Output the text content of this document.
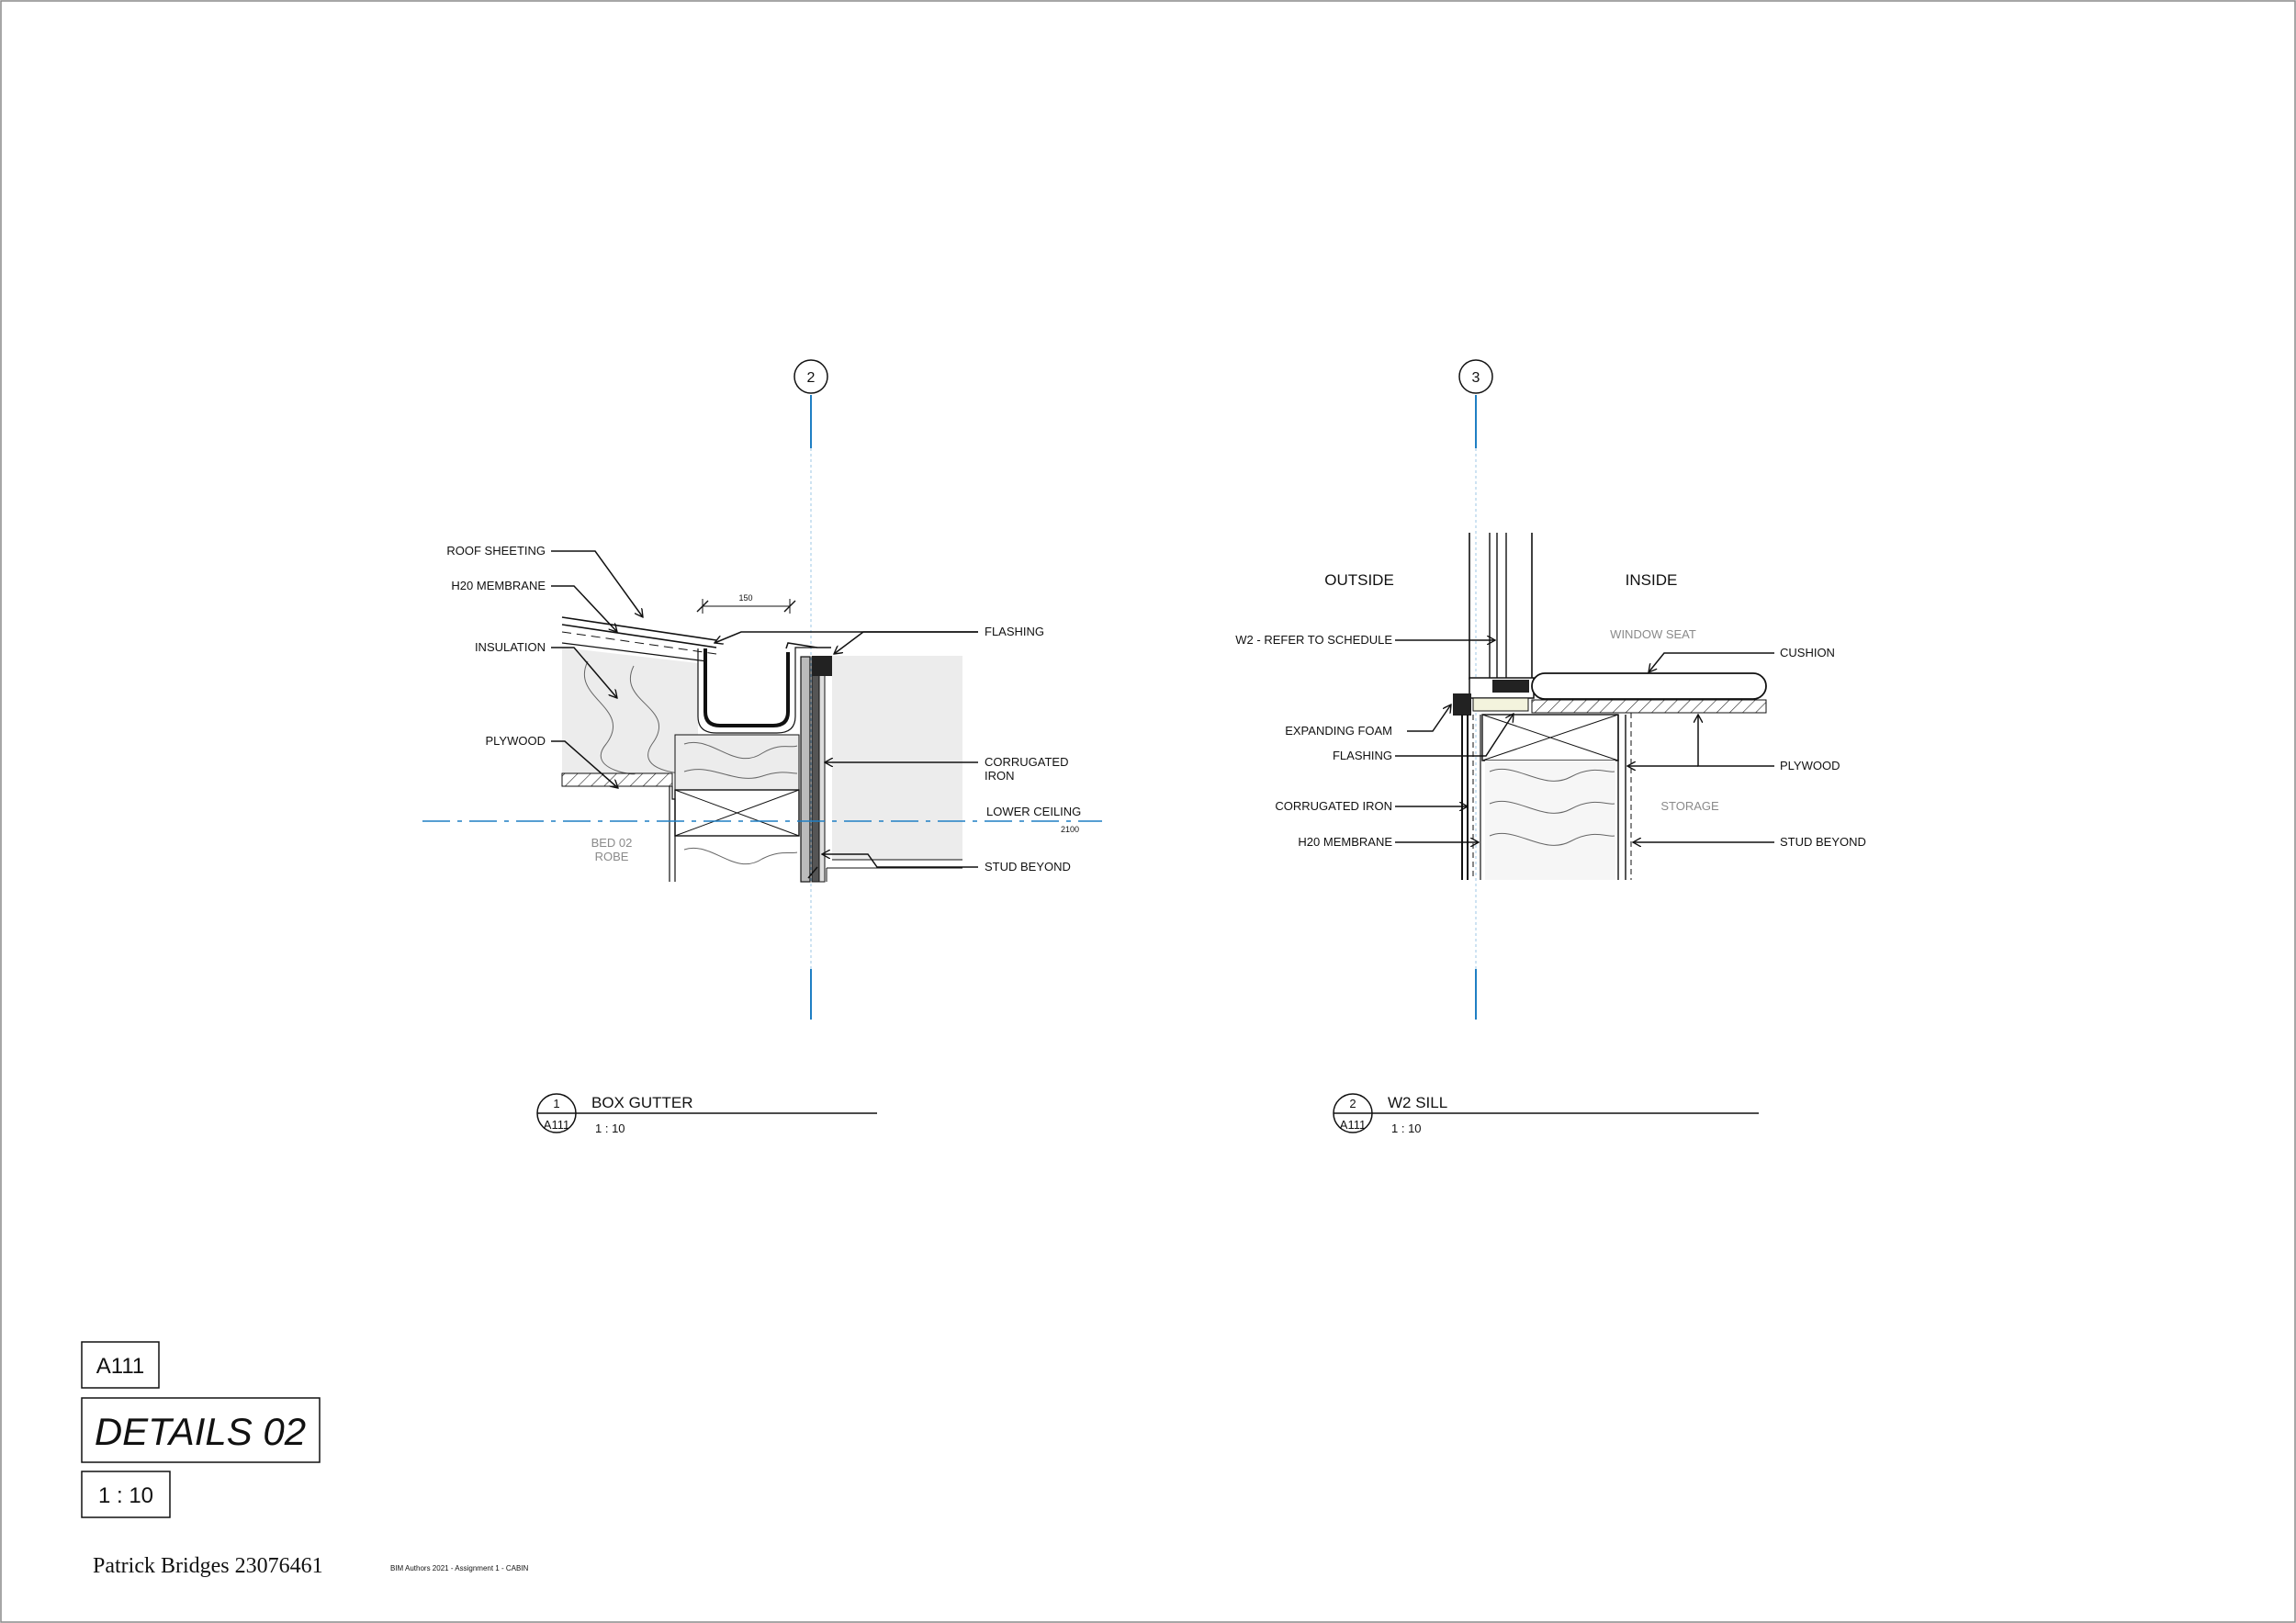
2	3
150
ROOF SHEETING
H20 MEMBRANE
INSULATION
PLYWOOD
FLASHING
CORRUGATED
IRON
LOWER CEILING
2100
BED 02
ROBE
STUD BEYOND
OUTSIDE	INSIDE
WINDOW SEAT
STORAGE
W2 - REFER TO SCHEDULE
EXPANDING FOAM
FLASHING
CORRUGATED IRON
H20 MEMBRANE
CUSHION
PLYWOOD
STUD BEYOND
1
A111
BOX GUTTER
1 : 10
2
A111
W2 SILL
1 : 10
A111
DETAILS 02
1 : 10
Patrick Bridges 23076461	BIM Authors 2021 - Assignment 1 - CABIN
